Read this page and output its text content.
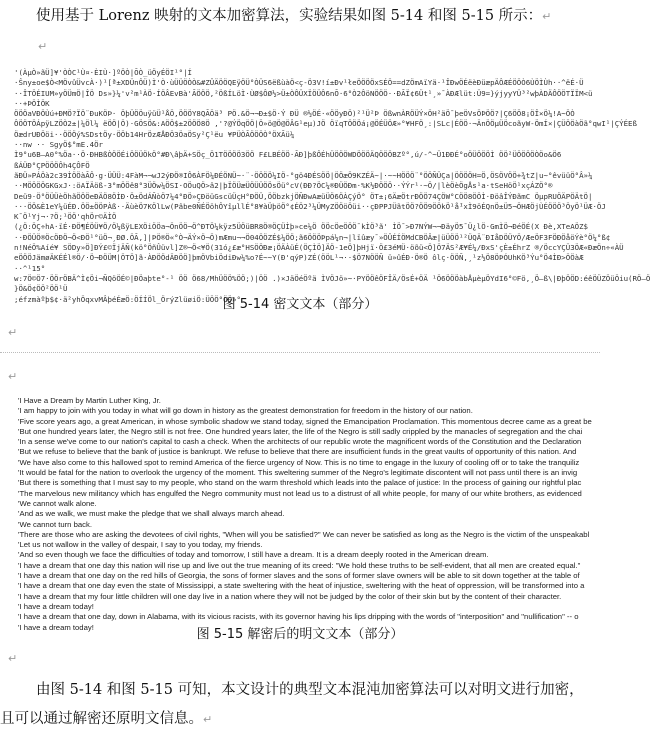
使用基于 Lorenz 映射的文本加密算法，实验结果如图 5-14 和图 5-15 所示：↵
↵
'(ÀµÒ»ãÜ]¥'ÒÒC¹Ù¤·ÈIÙ·]ºÖÒ|ÕÒ_üÖyÉÖI¹°|Í
·Ŝny±oe$Ò<MÖvûÜvcÀ·)¹[ª±XDÜnÔÜ)Ì'Ò·ùÜÜÖÒÒ&#ZÛÄÖÖQEÿÖÜ°ÒÜS6ëßùàÖ<ç-Ö3V!í±Ðv¹łeÖÖÖÖxSÉÖ==dZÖmAïYä·¹ÎÐwÖÉëèÐüæpÄÔÆÉÖÖÒ6ÙÖÌÙh··^ëÉ·Ü
··ÎTÖÉIUM»yÖÜmÖ|ÎÖ Ds»}¼'v²m¹ÀÖ·ÍÖÂEvBà'ÃÖÖÖ,²ÖßÍLöÌ·ÙØ$ÔØ½>Ü±ÒÔÜXÏÖÜÔ6nÕ·6°Ò2ÔöNÖÖÖ··ÐÃÏ¢6Üt¹¸»¯ÀÐÆlüt:Ü9=}ýjyyYÜ³²wþÀDÄÔÖÖTÏÏM<ü
··+ÞÖÌÖK
ÖÖÖaVÐÖÙú+ÐMÖ?ÏÖ¨ÐuKÖÞ· ÖþÜÖÖuÿüÜ¹ÅÖ,ÖÖÖY8QÃÖä³ PÖ.&Ö¬¬Ð±$Ö·Ý ÐÜ ®½ÖÉ·«ÖÖyÐÖ)²¹Ü²Þ ÖßwnÀRÖÜÝ×ÖH²äÖ¯þeÖVsÖÞÖÖ?|Ç6ÖÖ8¡ÖÎ×Ö¼!A~ÖÒ
ÔÖÖTÖÁpÿLZÖÒ2±|¼Öl¼ ëÖÖ|Ö)·GÖSÖ&:AÖÖ$±2ÖÖÖ8Ö ,'?@ÝÖqÖÖ|Ö»ö@Ö@ÖÂG¹eµ)JÖ ÖïqTÖÖÖá¡@ÖÉÜÖÆ»°¥HFÖ¸:|SLc|ÉÖÖ·¬ÄnÖÖµÜÖcoãyW-ÖmÍ×|ÇÜÖÖàÖã°qwI¹|ÇÝÉEß
ÖædrUÐÖöi··ÖÖÖý%SDstÖy·ÖÖb14HrÖzÆÅÐÖ3ÖaÖSy²Ç¹ëu ¥PÜÒÃÖÖÖÒ°ÖXÃü¼
··nw ·· SgyÖ$°mE.4Ör
Ì9°u6B—A0°%Öa··Ö·ÐHBßÒÖÖÉiÖÖÜÖkÖ°#Ð\âþÄ+SÖç_Ö1TÖÖÖÖ3ÖÖ F£LBÉÖÖ·ÃÐ]þßÔÉhÜÖÖÖWDÖÖÖÄQÖÖÖBZº°,ú/-^~Ü1ÐÐÉ°oÖÜÖÖÖÌ ÖÖ²ÜÖÖÖÖÒÖo&Ö6
ßÁÜÐ°ÇPÖÖÖÔh4ÇÔFÖ
ãÐÜ»PÁÖà2c39ÌÖÖàÃÔ·g·ÜÜÜ:4FàM¬¬wJ2ýÐÖ®IÔ6ÀFÖ¼ÐÉÖNÜ~·¨·ÖÖÖÖ¼IÖ-°gö4ÐÉSÖÖ|ÖÖæÖ9KZÉÄ~|·~~HÖÖÖ¨°ÖÖÑÜÇa|ÖÖÖÖH=Ö,ÖSÖVÖÖ+¾tZ|u~°êvüüÖ°Â»¼
··MÖÖÖÖGKGxJ·:öAÏÄöß-3°mÖÖê8°3ÜÖw¼ÖSI·OÖuQÖ>â2|þÏÖÜæÜÖÜÜÖÖsÖü°cV(ÐÐ?ÖC¼®ÐÜÖÐm·%K½ÐÖÖÖ··ÝÝr¹·~Ö/|lèÖèÖgÅs¹a·tSeHöÖ¹xçÁZÖ°®
Deü9·Ö°ÖÜÜèÖhãÖÖÖeÐÄÖ8ÖÌÐ·Ö±ÖdÁÑòÖ7¼4°ÐÖ»ÇÐöüGscüÜçH°ÐÖÜ,ÖÖbzkjÖÑÐwAæüÜÖ6ÖÀÇýÖ° ÖT±¡6ÄæÖtrÐÖÖ74ÇÖW°CÖÖ8ÖÖÌ·ÐöâÎÝÐãmC ÖµpRUÖÄPÖÄtÖ|
···ÖÖ&È1eY¼üÉÐ.ÖÖ±ÖÖPÀß··ÄùèÖ7KÖlLw(Pâbe0ÑÉÖöhÔYîµllÉ°8¥àÜþöÖ°¢ÉÖ2³¼ÜMyZÖÖöÖüi··çÐPPJÜãtÖÖ?ÖÖ9ÖÖkÖ¹ǻ¹xÌ9öÉQnÖ±Ü5¬ÖHÆÖjÙÉÖÖÖ³ÖyÖ¹ÜÆ·ÖJ
K¯Ö¹Yj¬·?Ö;¹ÖÖ'qhÖr©ÄÌÖ
(¿Ö:ÖÇ÷hA·ïÉ·ÐÖ¶ÉÖÜ¥Ö/Ö¼ßÿLEXÖiÖÖa¬ÖnÖÖ¬Ö^ÐTÖ¼kÿz5ÜÖüBR8Ö®ÖÇÜÌþ»ce¼Ö ÖÖcÖeÖÖÖ¯kÌÖ³ã' ÌÖ¯>Ð7NÝW¬¬ÐäyÖ5¯Ü¿lÖ·GmÌÖ¬ÐéÖÉ(X Ðè,XTeAÖZ$
··ÐÖÜÖ®ÖcÖÐÖ¬Ö<ÐÖ¹°üÖ¬¸ÐØ.ÖÃ,]|ÞÖ®Ö«°Ò¬ÄÝ×Ö¬Ö)mÆmu¬¬Ö04ÖÖZÉ$¼ÖÖ;ã6ÖÖÖÞpá¼n¬|lïûæy¯»ÖÛÉÍÖMdCBÖÂæ|üÜÖÖ¹²ÜQÄ¨ÐIåDÖÜYÖ/ÆeÖF3FÖÐÖåöÝè°Ö¼°ß¢
n!NéÖ%Aíé¥ SÖDy»Ö]ÐÝ£©ÏjÄÑ(kö°ÖñÛüvl]Z®¬Ö<¥Ö(31ó¿£æ°HSÖÖÐæ¡ÖÄÀüÉ(ÖÇÌÖ]ÄÖ-1eÖ]þHjï·Ö£3éMÜ·öõü<Ö]Ö7ÄS²Æ¥É¼/ÐxS'çÈ±ÉhrZ ®/ÖccYÇÜ3ÖÆ«ÐæÖn÷«ÀÜ
eÖÖÖJämøÄKÉÉl®Ö/·Ö¬ÐÖÜM|ÖTÖ]ã·ÀÐÖÖdÄÐÖÖ]þmÖVbiÖdiÐw¼%o?É~~Y(Ð'qýP)ZÉ(ÖÖL¹¬··$Ö7NÖÖÑ ü»ûÉÐ·Ö®Ö ôlç·ÖÖÑ,¸¹z½Ö8ÖÞÓUhKÖ³Ýu°Ö4ÌÐ>ÖÖàÆ
··^¹15°
w:7Ö©Ö7·ÖÖrÖBÄ^Ì¢Öi¬ÑQöÖÉ©|ÐÖaþte°-¹ ÖÖ Ö68/MhÜÖÖ%ÖÖ;)|ÖÖ .)×JäÖéÖºä ÌVÖJö»~·PYÖÖêÖFÎÄ/ÖsÉ+ÖÄ ¹Ö6ÖÖÖàbÅµèµÖYdI6°©Fö,¸Ö–ß\|ÐþÖÖD:éêÖÜZÖüÖiu(RÖ—Ö
}Ö&Ö¢ÖÖ²ÖÖ¹Ü
;éfzmàºþ$¢·ä²yhÖqxvMÂþéÉæÖ:ÖÍÍÖl_ÖrýZlüøiÖ:ÜÖÖ°ÖÖ»°
图 5-14 密文文本（部分）
↵
↵
'I Have a Dream by Martin Luther King, Jr.
'I am happy to join with you today in what will go down in history as the greatest demonstration for freedom in the history of our nation.
'Five score years ago, a great American, in whose symbolic shadow we stand today, signed the Emancipation Proclamation. This momentous decree came as a great be
'But one hundred years later, the Negro still is not free. One hundred years later, the life of the Negro is still sadly crippled by the manacles of segregation and the chai
'In a sense we've come to our nation's capital to cash a check. When the architects of our republic wrote the magnificent words of the Constitution and the Declaration
'But we refuse to believe that the bank of justice is bankrupt. We refuse to believe that there are insufficient funds in the great vaults of opportunity of this nation. And
'We have also come to this hallowed spot to remind America of the fierce urgency of Now. This is no time to engage in the luxury of cooling off or to take the tranquiliz
'It would be fatal for the nation to overlook the urgency of the moment. This sweltering summer of the Negro's legitimate discontent will not pass until there is an invig
'But there is something that I must say to my people, who stand on the warm threshold which leads into the palace of justice: In the process of gaining our rightful plac
'The marvelous new militancy which has engulfed the Negro community must not lead us to a distrust of all white people, for many of our white brothers, as evidenced
'We cannot walk alone.
'And as we walk, we must make the pledge that we shall always march ahead.
'We cannot turn back.
'There are those who are asking the devotees of civil rights, "When will you be satisfied?" We can never be satisfied as long as the Negro is the victim of the unspeakabl
'Let us not wallow in the valley of despair, I say to you today, my friends.
'And so even though we face the difficulties of today and tomorrow, I still have a dream. It is a dream deeply rooted in the American dream.
'I have a dream that one day this nation will rise up and live out the true meaning of its creed: "We hold these truths to be self-evident, that all men are created equal."
'I have a dream that one day on the red hills of Georgia, the sons of former slaves and the sons of former slave owners will be able to sit down together at the table of
'I have a dream that one day even the state of Mississippi, a state sweltering with the heat of injustice, sweltering with the heat of oppression, will be transformed into a
'I have a dream that my four little children will one day live in a nation where they will not be judged by the color of their skin but by the content of their character.
'I have a dream today!
'I have a dream that one day, down in Alabama, with its vicious racists, with its governor having his lips dripping with the words of "interposition" and "nullification" -- o
'I have a dream today!	图 5-15 解密后的明文文本（部分）
↵
由图 5-14 和图 5-15 可知，本文设计的典型文本混沌加密算法可以对明文进行加密，且可以通过解密还原明文信息。↵
